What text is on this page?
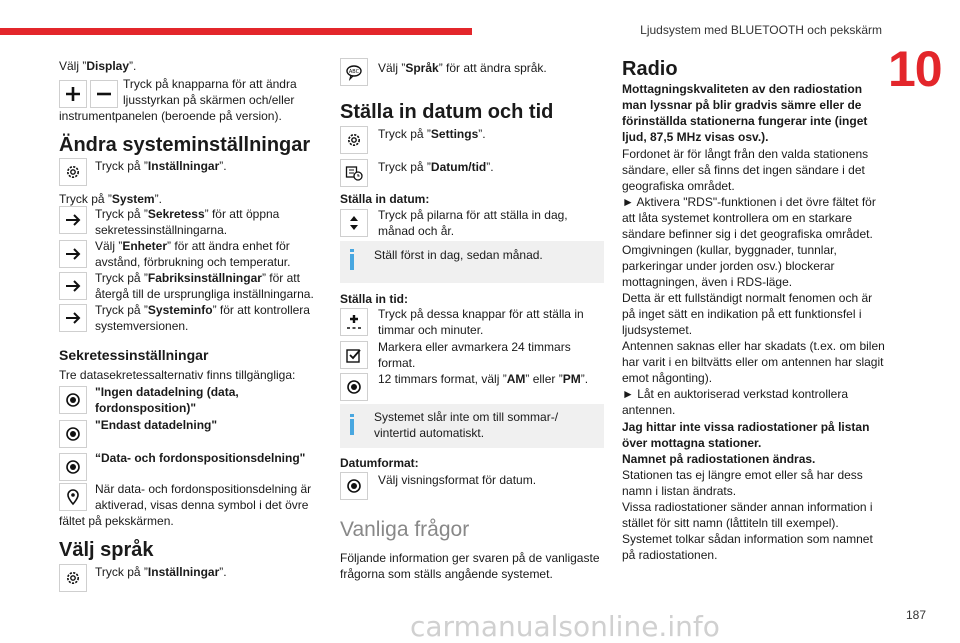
Ljudsystem med BLUETOOTH och pekskärm
10
Välj ”Display”.
Tryck på knapparna för att ändra ljusstyrkan på skärmen och/eller
instrumentpanelen (beroende på version).
Ändra systeminställningar
Tryck på ”Inställningar”.
Tryck på ”System”.
Tryck på ”Sekretess” för att öppna sekretessinställningarna.
Välj ”Enheter” för att ändra enhet för avstånd, förbrukning och temperatur.
Tryck på ”Fabriksinställningar” för att återgå till de ursprungliga inställningarna.
Tryck på ”Systeminfo” för att kontrollera systemversionen.
Sekretessinställningar
Tre datasekretessalternativ finns tillgängliga:
"Ingen datadelning (data, fordonsposition)"
"Endast datadelning"
“Data- och fordonspositionsdelning"
När data- och fordonspositionsdelning är aktiverad, visas denna symbol i det övre
fältet på pekskärmen.
Välj språk
Tryck på ”Inställningar”.
ABC Välj ”Språk” för att ändra språk.
Ställa in datum och tid
Tryck på ”Settings”.
Tryck på ”Datum/tid”.
Ställa in datum:
Tryck på pilarna för att ställa in dag, månad och år.
Ställ först in dag, sedan månad.
Ställa in tid:
Tryck på dessa knappar för att ställa in timmar och minuter.
Markera eller avmarkera 24 timmars format.
12 timmars format, välj ”AM” eller ”PM”.
Systemet slår inte om till sommar-/ vintertid automatiskt.
Datumformat:
Välj visningsformat för datum.
Vanliga frågor
Följande information ger svaren på de vanligaste frågorna som ställs angående systemet.
Radio
Mottagningskvaliteten av den radiostation man lyssnar på blir gradvis sämre eller de förinställda stationerna fungerar inte (inget ljud, 87,5 MHz visas osv.).
Fordonet är för långt från den valda stationens sändare, eller så finns det ingen sändare i det geografiska området.
► Aktivera "RDS"-funktionen i det övre fältet för att låta systemet kontrollera om en starkare sändare befinner sig i det geografiska området.
Omgivningen (kullar, byggnader, tunnlar, parkeringar under jorden osv.) blockerar mottagningen, även i RDS-läge.
Detta är ett fullständigt normalt fenomen och är på inget sätt en indikation på ett funktionsfel i ljudsystemet.
Antennen saknas eller har skadats (t.ex. om bilen har varit i en biltvätts eller om antennen har slagit emot någonting).
► Låt en auktoriserad verkstad kontrollera antennen.
Jag hittar inte vissa radiostationer på listan över mottagna stationer.
Namnet på radiostationen ändras.
Stationen tas ej längre emot eller så har dess namn i listan ändrats.
Vissa radiostationer sänder annan information i stället för sitt namn (låttiteln till exempel).
Systemet tolkar sådan information som namnet på radiostationen.
carmanualsonline.info	187
